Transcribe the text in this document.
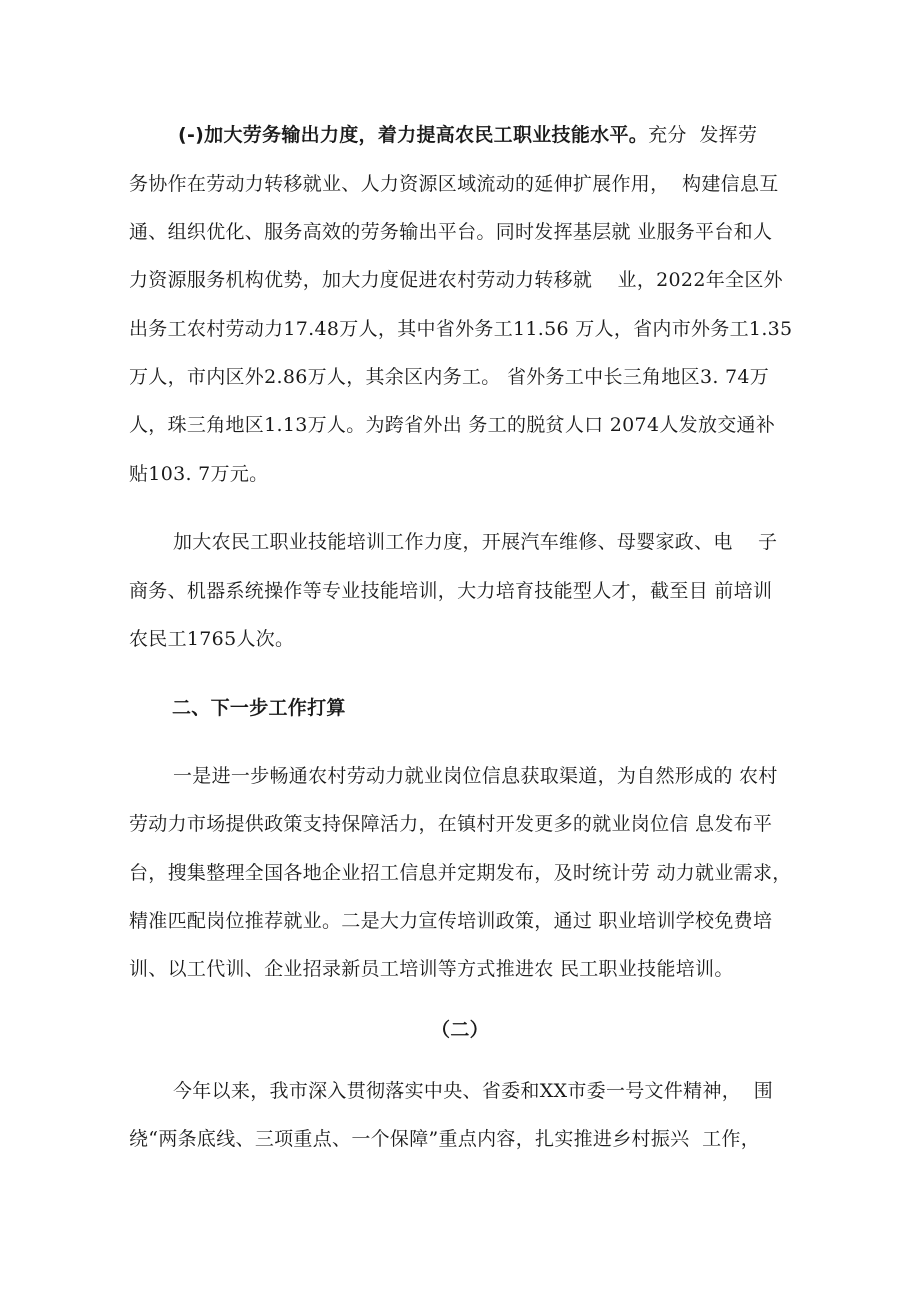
(-)加大劳务输出力度，着力提高农民工职业技能水平。充分  发挥劳
务协作在劳动力转移就业、人力资源区域流动的延伸扩展作用，  构建信息互
通、组织优化、服务高效的劳务输出平台。同时发挥基层就 业服务平台和人
力资源服务机构优势，加大力度促进农村劳动力转移就    业，2022年全区外
出务工农村劳动力17.48万人，其中省外务工11.56 万人，省内市外务工1.35
万人，市内区外2.86万人，其余区内务工。 省外务工中长三角地区3. 74万
人，珠三角地区1.13万人。为跨省外出 务工的脱贫人口 2074人发放交通补
贴103. 7万元。
加大农民工职业技能培训工作力度，开展汽车维修、母婴家政、电    子
商务、机器系统操作等专业技能培训，大力培育技能型人才，截至目 前培训
农民工1765人次。
二、下一步工作打算
一是进一步畅通农村劳动力就业岗位信息获取渠道，为自然形成的 农村
劳动力市场提供政策支持保障活力，在镇村开发更多的就业岗位信 息发布平
台，搜集整理全国各地企业招工信息并定期发布，及时统计劳 动力就业需求，
精准匹配岗位推荐就业。二是大力宣传培训政策，通过 职业培训学校免费培
训、以工代训、企业招录新员工培训等方式推进农 民工职业技能培训。
（二）
今年以来，我市深入贯彻落实中央、省委和XX市委一号文件精神，  围
绕“两条底线、三项重点、一个保障”重点内容，扎实推进乡村振兴  工作，
